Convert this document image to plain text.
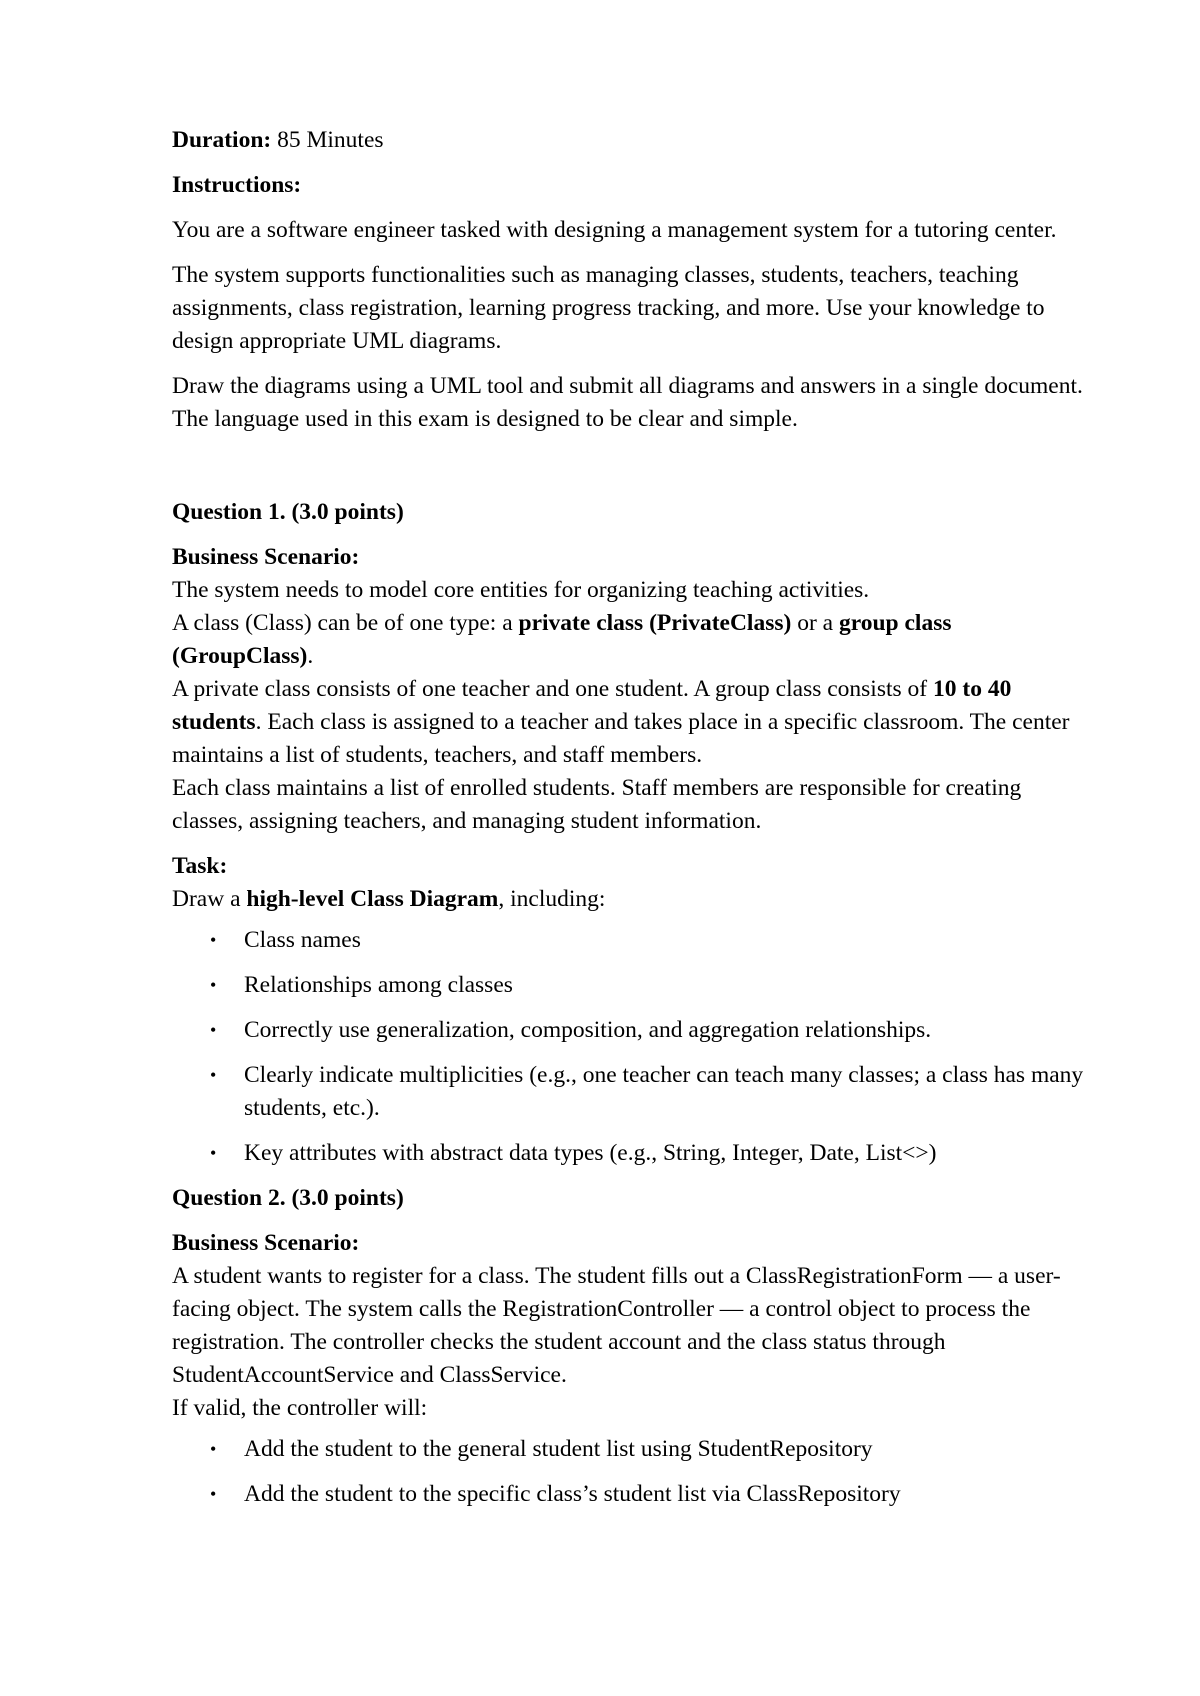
Duration: 85 Minutes

Instructions:

You are a software engineer tasked with designing a management system for a tutoring center.

The system supports functionalities such as managing classes, students, teachers, teaching assignments, class registration, learning progress tracking, and more. Use your knowledge to design appropriate UML diagrams.

Draw the diagrams using a UML tool and submit all diagrams and answers in a single document. The language used in this exam is designed to be clear and simple.

Question 1. (3.0 points)

Business Scenario:

The system needs to model core entities for organizing teaching activities.

A class (Class) can be of one type: a private class (PrivateClass) or a group class (GroupClass).

A private class consists of one teacher and one student. A group class consists of 10 to 40 students. Each class is assigned to a teacher and takes place in a specific classroom. The center maintains a list of students, teachers, and staff members.

Each class maintains a list of enrolled students. Staff members are responsible for creating classes, assigning teachers, and managing student information.

Task:

Draw a high-level Class Diagram, including:

• Class names
• Relationships among classes
• Correctly use generalization, composition, and aggregation relationships.
• Clearly indicate multiplicities (e.g., one teacher can teach many classes; a class has many students, etc.).
• Key attributes with abstract data types (e.g., String, Integer, Date, List<>)

Question 2. (3.0 points)

Business Scenario:

A student wants to register for a class. The student fills out a ClassRegistrationForm — a user-facing object. The system calls the RegistrationController — a control object to process the registration. The controller checks the student account and the class status through StudentAccountService and ClassService.

If valid, the controller will:

• Add the student to the general student list using StudentRepository
• Add the student to the specific class’s student list via ClassRepository
